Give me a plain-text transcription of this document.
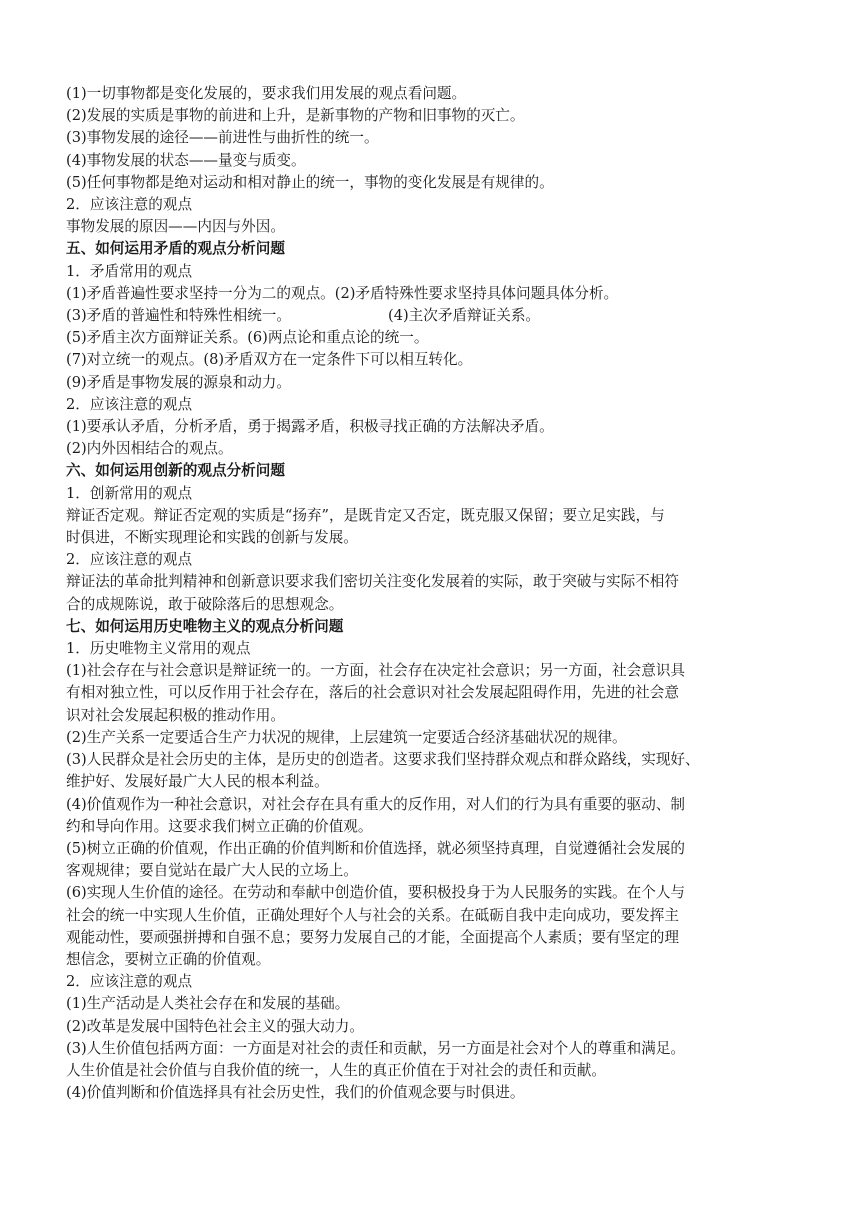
(1)一切事物都是变化发展的，要求我们用发展的观点看问题。

(2)发展的实质是事物的前进和上升，是新事物的产物和旧事物的灭亡。

(3)事物发展的途径——前进性与曲折性的统一。

(4)事物发展的状态——量变与质变。

(5)任何事物都是绝对运动和相对静止的统一，事物的变化发展是有规律的。

2．应该注意的观点

事物发展的原因——内因与外因。

五、如何运用矛盾的观点分析问题

1．矛盾常用的观点

(1)矛盾普遍性要求坚持一分为二的观点。(2)矛盾特殊性要求坚持具体问题具体分析。

(3)矛盾的普遍性和特殊性相统一。	(4)主次矛盾辩证关系。

(5)矛盾主次方面辩证关系。(6)两点论和重点论的统一。

(7)对立统一的观点。(8)矛盾双方在一定条件下可以相互转化。

(9)矛盾是事物发展的源泉和动力。

2．应该注意的观点

(1)要承认矛盾，分析矛盾，勇于揭露矛盾，积极寻找正确的方法解决矛盾。

(2)内外因相结合的观点。

六、如何运用创新的观点分析问题

1．创新常用的观点

辩证否定观。辩证否定观的实质是“扬弃”，是既肯定又否定，既克服又保留；要立足实践，与

时俱进，不断实现理论和实践的创新与发展。

2．应该注意的观点

辩证法的革命批判精神和创新意识要求我们密切关注变化发展着的实际，敢于突破与实际不相符

合的成规陈说，敢于破除落后的思想观念。

七、如何运用历史唯物主义的观点分析问题

1．历史唯物主义常用的观点

(1)社会存在与社会意识是辩证统一的。一方面，社会存在决定社会意识；另一方面，社会意识具

有相对独立性，可以反作用于社会存在，落后的社会意识对社会发展起阻碍作用，先进的社会意

识对社会发展起积极的推动作用。

(2)生产关系一定要适合生产力状况的规律，上层建筑一定要适合经济基础状况的规律。

(3)人民群众是社会历史的主体，是历史的创造者。这要求我们坚持群众观点和群众路线，实现好、

维护好、发展好最广大人民的根本利益。

(4)价值观作为一种社会意识，对社会存在具有重大的反作用，对人们的行为具有重要的驱动、制

约和导向作用。这要求我们树立正确的价值观。

(5)树立正确的价值观，作出正确的价值判断和价值选择，就必须坚持真理，自觉遵循社会发展的

客观规律；要自觉站在最广大人民的立场上。

(6)实现人生价值的途径。在劳动和奉献中创造价值，要积极投身于为人民服务的实践。在个人与

社会的统一中实现人生价值，正确处理好个人与社会的关系。在砥砺自我中走向成功，要发挥主

观能动性，要顽强拼搏和自强不息；要努力发展自己的才能，全面提高个人素质；要有坚定的理

想信念，要树立正确的价值观。

2．应该注意的观点

(1)生产活动是人类社会存在和发展的基础。

(2)改革是发展中国特色社会主义的强大动力。

(3)人生价值包括两方面：一方面是对社会的责任和贡献，另一方面是社会对个人的尊重和满足。

人生价值是社会价值与自我价值的统一，人生的真正价值在于对社会的责任和贡献。

(4)价值判断和价值选择具有社会历史性，我们的价值观念要与时俱进。
